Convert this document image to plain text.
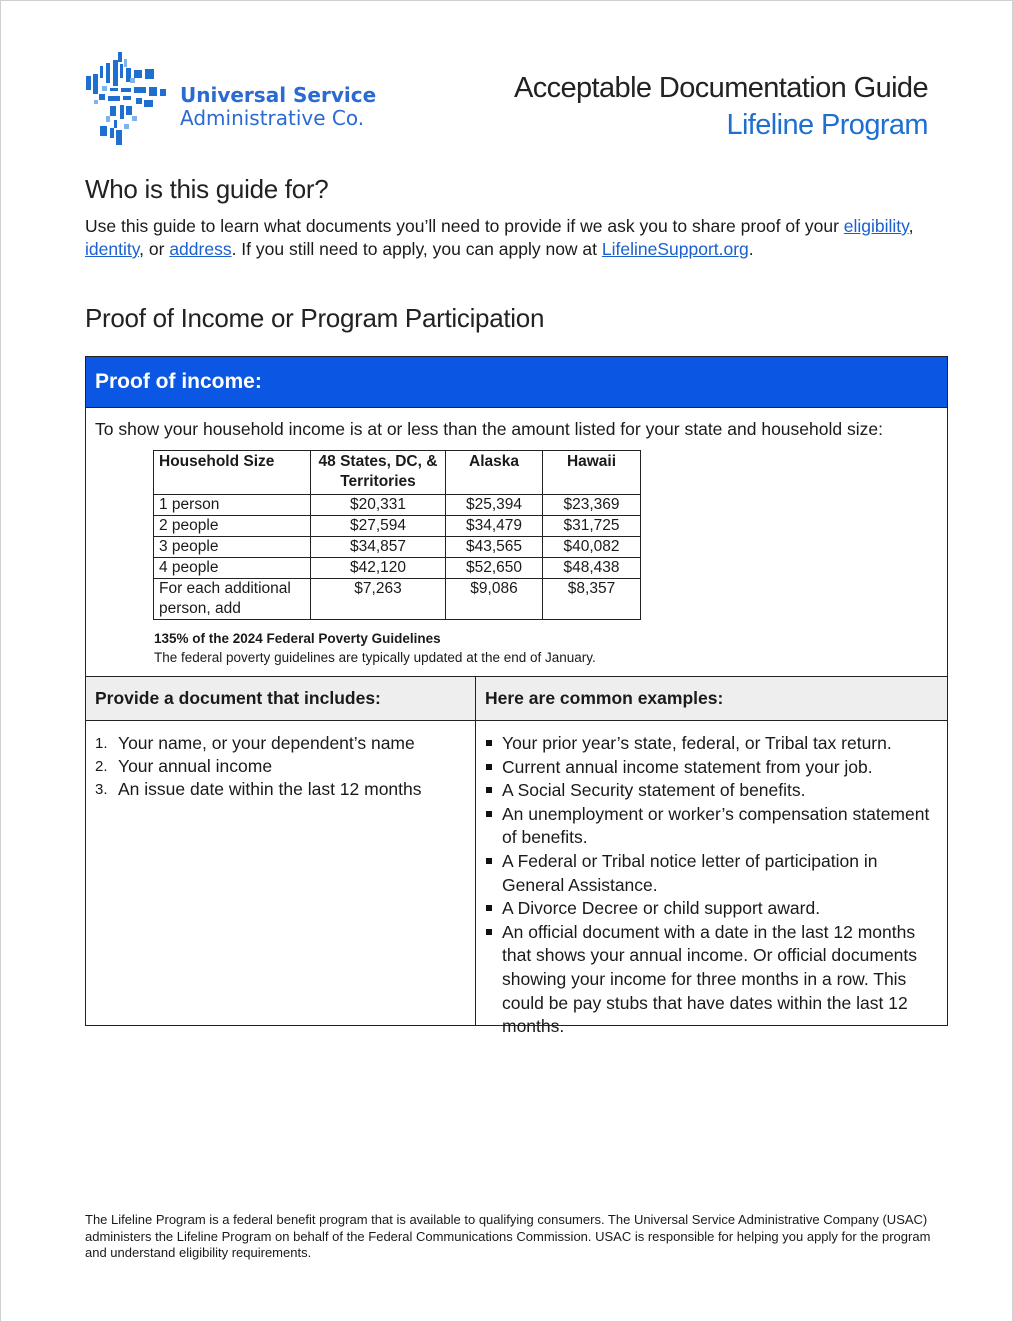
Universal Service
Administrative Co.
Acceptable Documentation Guide
Lifeline Program
Who is this guide for?
Use this guide to learn what documents you’ll need to provide if we ask you to share proof of your eligibility, identity, or address. If you still need to apply, you can apply now at LifelineSupport.org.
Proof of Income or Program Participation
Proof of income:
To show your household income is at or less than the amount listed for your state and household size:
Household Size	48 States, DC, & Territories	Alaska	Hawaii
1 person	$20,331	$25,394	$23,369
2 people	$27,594	$34,479	$31,725
3 people	$34,857	$43,565	$40,082
4 people	$42,120	$52,650	$48,438
For each additional person, add	$7,263	$9,086	$8,357
135% of the 2024 Federal Poverty Guidelines
The federal poverty guidelines are typically updated at the end of January.
Provide a document that includes:
1. Your name, or your dependent’s name
2. Your annual income
3. An issue date within the last 12 months
Here are common examples:
Your prior year’s state, federal, or Tribal tax return.
Current annual income statement from your job.
A Social Security statement of benefits.
An unemployment or worker’s compensation statement of benefits.
A Federal or Tribal notice letter of participation in General Assistance.
A Divorce Decree or child support award.
An official document with a date in the last 12 months that shows your annual income. Or official documents showing your income for three months in a row. This could be pay stubs that have dates within the last 12 months.
The Lifeline Program is a federal benefit program that is available to qualifying consumers. The Universal Service Administrative Company (USAC) administers the Lifeline Program on behalf of the Federal Communications Commission. USAC is responsible for helping you apply for the program and understand eligibility requirements.
